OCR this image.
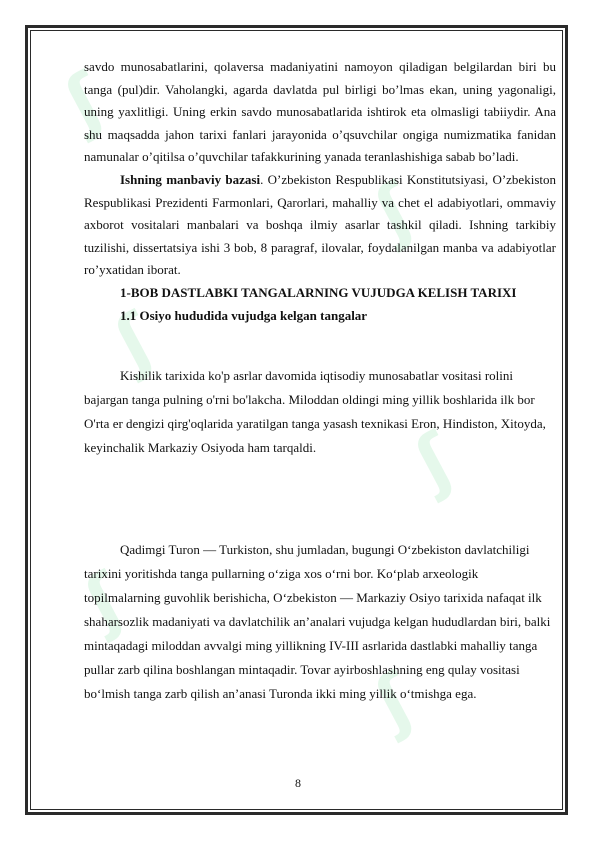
ʃ
ʃ
ʃ
ʃ
ʃ
ʃ

savdo munosabatlarini, qolaversa madaniyatini namoyon qiladigan belgilardan biri bu tanga (pul)dir. Vaholangki, agarda davlatda pul birligi bo’lmas ekan, uning yagonaligi, uning yaxlitligi. Uning erkin savdo munosabatlarida ishtirok eta olmasligi tabiiydir. Ana shu maqsadda jahon tarixi fanlari jarayonida o’qsuvchilar ongiga numizmatika fanidan namunalar o’qitilsa o’quvchilar tafakkurining yanada teranlashishiga sabab bo’ladi.

Ishning manbaviy bazasi. O’zbekiston Respublikasi Konstitutsiyasi, O’zbekiston Respublikasi Prezidenti Farmonlari, Qarorlari, mahalliy va chet el adabiyotlari, ommaviy axborot vositalari manbalari va boshqa ilmiy asarlar tashkil qiladi. Ishning tarkibiy tuzilishi, dissertatsiya ishi 3 bob, 8 paragraf, ilovalar, foydalanilgan manba va adabiyotlar ro’yxatidan iborat.

1-BOB DASTLABKI TANGALARNING VUJUDGA KELISH TARIXI
1.1 Osiyo hududida vujudga kelgan tangalar

Kishilik tarixida ko'p asrlar davomida iqtisodiy munosabatlar vositasi rolini bajargan tanga pulning o'rni bo'lakcha. Miloddan oldingi ming yillik boshlarida ilk bor O'rta er dengizi qirg'oqlarida yaratilgan tanga yasash texnikasi Eron, Hindiston, Xitoyda, keyinchalik Markaziy Osiyoda ham tarqaldi.

Qadimgi Turon — Turkiston, shu jumladan, bugungi O‘zbekiston davlatchiligi tarixini yoritishda tanga pullarning o‘ziga xos o‘rni bor. Ko‘plab arxeologik topilmalarning guvohlik berishicha, O‘zbekiston — Markaziy Osiyo tarixida nafaqat ilk shaharsozlik madaniyati va davlatchilik an’analari vujudga kelgan hududlardan biri, balki mintaqadagi miloddan avvalgi ming yillikning IV-III asrlarida dastlabki mahalliy tanga pullar zarb qilina boshlangan mintaqadir. Tovar ayirboshlashning eng qulay vositasi bo‘lmish tanga zarb qilish an’anasi Turonda ikki ming yillik o‘tmishga ega.

8
